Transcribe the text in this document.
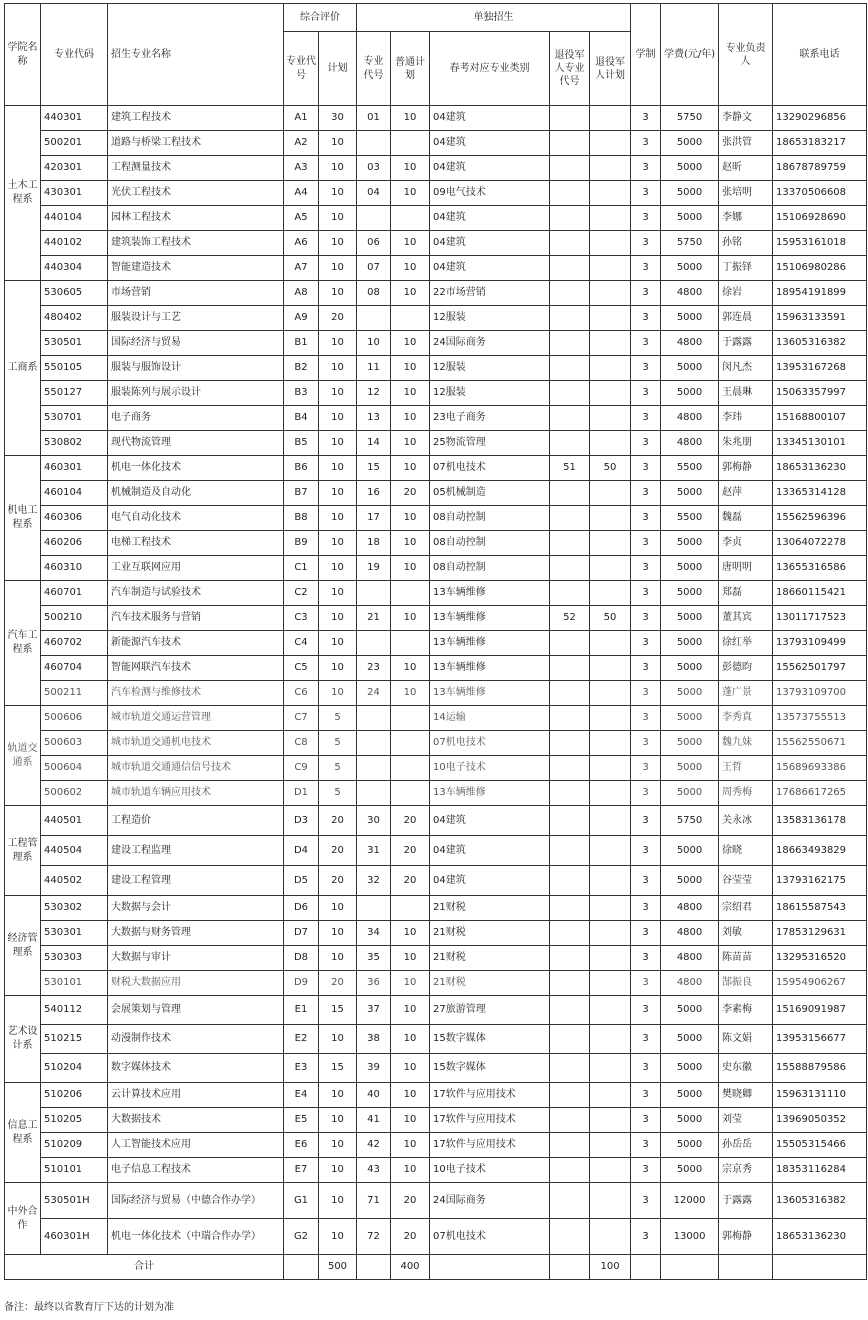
学院名称	专业代码	招生专业名称	综合评价		单独招生					学制	学费(元/年)	专业负责人	联系电话
			专业代号	计划	专业代号	普通计划	春考对应专业类别	退役军人专业代号	退役军人计划				
土木工程系	440301	建筑工程技术	A1	30	01	10	04建筑			3	5750	李静文	13290296856
	500201	道路与桥梁工程技术	A2	10			04建筑			3	5000	张洪管	18653183217
	420301	工程测量技术	A3	10	03	10	04建筑			3	5000	赵昕	18678789759
	430301	光伏工程技术	A4	10	04	10	09电气技术			3	5000	张培明	13370506608
	440104	园林工程技术	A5	10			04建筑			3	5000	李娜	15106928690
	440102	建筑装饰工程技术	A6	10	06	10	04建筑			3	5750	孙铭	15953161018
	440304	智能建造技术	A7	10	07	10	04建筑			3	5000	丁振铎	15106980286
工商系	530605	市场营销	A8	10	08	10	22市场营销			3	4800	徐岩	18954191899
	480402	服装设计与工艺	A9	20			12服装			3	5000	郭连晨	15963133591
	530501	国际经济与贸易	B1	10	10	10	24国际商务			3	4800	于露露	13605316382
	550105	服装与服饰设计	B2	10	11	10	12服装			3	5000	闵凡杰	13953167268
	550127	服装陈列与展示设计	B3	10	12	10	12服装			3	5000	王晨琳	15063357997
	530701	电子商务	B4	10	13	10	23电子商务			3	4800	李玮	15168800107
	530802	现代物流管理	B5	10	14	10	25物流管理			3	4800	朱兆朋	13345130101
机电工程系	460301	机电一体化技术	B6	10	15	10	07机电技术	51	50	3	5500	郭梅静	18653136230
	460104	机械制造及自动化	B7	10	16	20	05机械制造			3	5000	赵萍	13365314128
	460306	电气自动化技术	B8	10	17	10	08自动控制			3	5500	魏磊	15562596396
	460206	电梯工程技术	B9	10	18	10	08自动控制			3	5000	李贞	13064072278
	460310	工业互联网应用	C1	10	19	10	08自动控制			3	5000	唐明明	13655316586
汽车工程系	460701	汽车制造与试验技术	C2	10			13车辆维修			3	5000	郑磊	18660115421
	500210	汽车技术服务与营销	C3	10	21	10	13车辆维修	52	50	3	5000	董其宾	13011717523
	460702	新能源汽车技术	C4	10			13车辆维修			3	5000	徐红举	13793109499
	460704	智能网联汽车技术	C5	10	23	10	13车辆维修			3	5000	彭德昀	15562501797
	500211	汽车检测与维修技术	C6	10	24	10	13车辆维修			3	5000	蓬广景	13793109700
轨道交通系	500606	城市轨道交通运营管理	C7	5			14运输			3	5000	李秀真	13573755513
	500603	城市轨道交通机电技术	C8	5			07机电技术			3	5000	魏九妹	15562550671
	500604	城市轨道交通通信信号技术	C9	5			10电子技术			3	5000	王哲	15689693386
	500602	城市轨道车辆应用技术	D1	5			13车辆维修			3	5000	周秀梅	17686617265
工程管理系	440501	工程造价	D3	20	30	20	04建筑			3	5750	关永冰	13583136178
	440504	建设工程监理	D4	20	31	20	04建筑			3	5000	徐晓	18663493829
	440502	建设工程管理	D5	20	32	20	04建筑			3	5000	谷莹莹	13793162175
经济管理系	530302	大数据与会计	D6	10			21财税			3	4800	宗绍君	18615587543
	530301	大数据与财务管理	D7	10	34	10	21财税			3	4800	刘敏	17853129631
	530303	大数据与审计	D8	10	35	10	21财税			3	4800	陈苗苗	13295316520
	530101	财税大数据应用	D9	20	36	10	21财税			3	4800	郜振良	15954906267
艺术设计系	540112	会展策划与管理	E1	15	37	10	27旅游管理			3	5000	李素梅	15169091987
	510215	动漫制作技术	E2	10	38	10	15数字媒体			3	5000	陈文娟	13953156677
	510204	数字媒体技术	E3	15	39	10	15数字媒体			3	5000	史东徽	15588879586
信息工程系	510206	云计算技术应用	E4	10	40	10	17软件与应用技术			3	5000	樊晓卿	15963131110
	510205	大数据技术	E5	10	41	10	17软件与应用技术			3	5000	刘莹	13969050352
	510209	人工智能技术应用	E6	10	42	10	17软件与应用技术			3	5000	孙岳岳	15505315466
	510101	电子信息工程技术	E7	10	43	10	10电子技术			3	5000	宗京秀	18353116284
中外合作	530501H	国际经济与贸易（中德合作办学）	G1	10	71	20	24国际商务			3	12000	于露露	13605316382
	460301H	机电一体化技术（中瑞合作办学）	G2	10	72	20	07机电技术			3	13000	郭梅静	18653136230
合计				500		400			100				
备注：最终以省教育厅下达的计划为准
